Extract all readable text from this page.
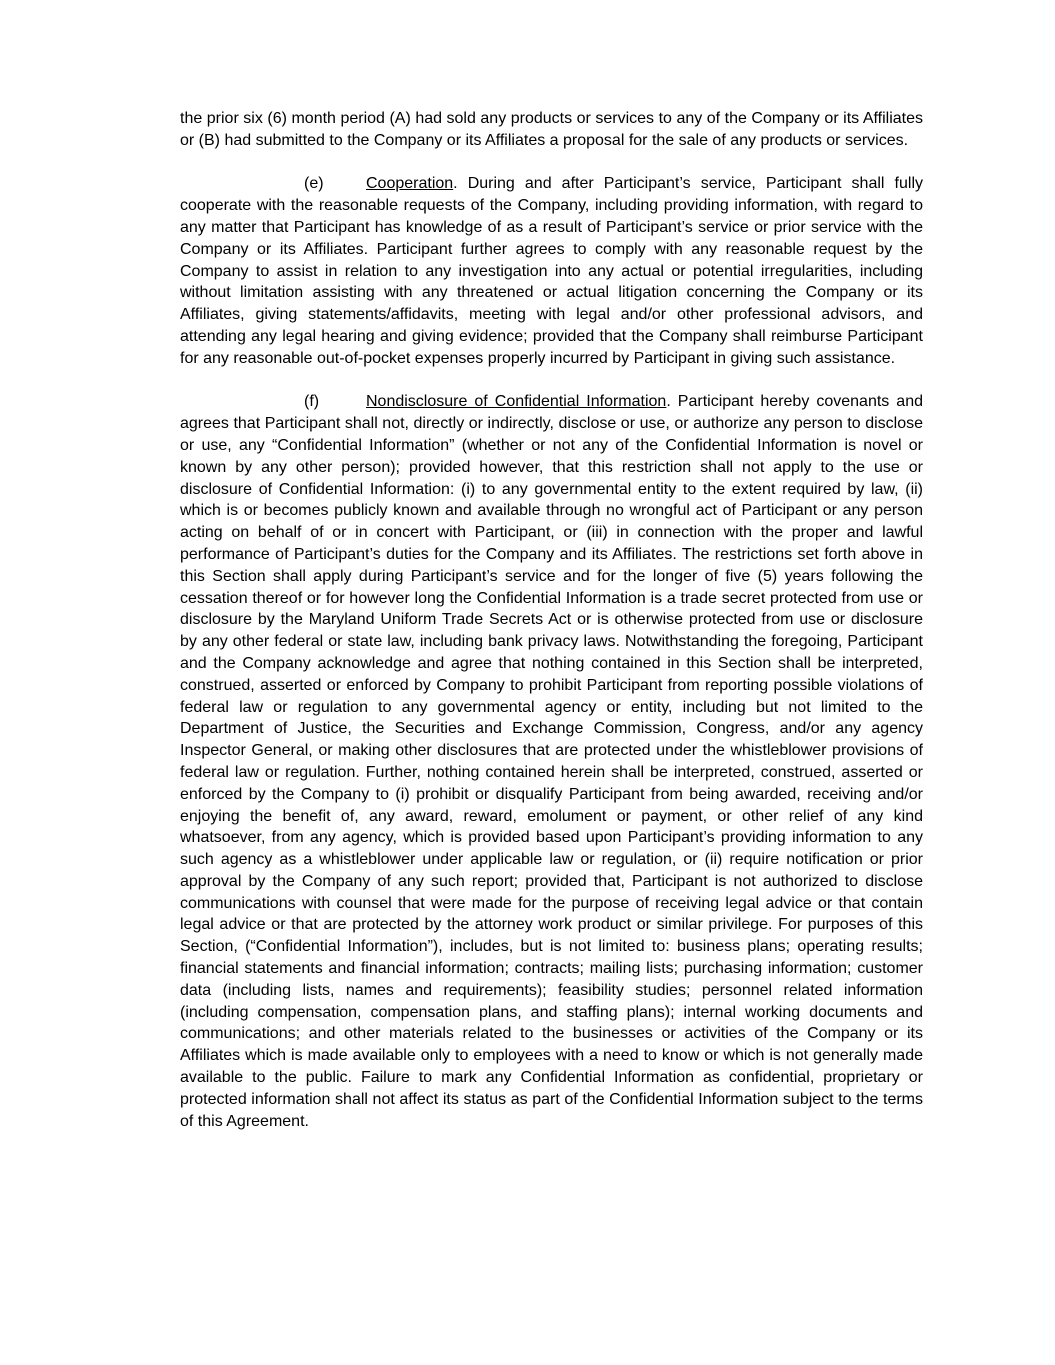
the prior six (6) month period (A) had sold any products or services to any of the Company or its Affiliates or (B) had submitted to the Company or its Affiliates a proposal for the sale of any products or services.

(e)	Cooperation. During and after Participant’s service, Participant shall fully cooperate with the reasonable requests of the Company, including providing information, with regard to any matter that Participant has knowledge of as a result of Participant’s service or prior service with the Company or its Affiliates. Participant further agrees to comply with any reasonable request by the Company to assist in relation to any investigation into any actual or potential irregularities, including without limitation assisting with any threatened or actual litigation concerning the Company or its Affiliates, giving statements/affidavits, meeting with legal and/or other professional advisors, and attending any legal hearing and giving evidence; provided that the Company shall reimburse Participant for any reasonable out-of-pocket expenses properly incurred by Participant in giving such assistance.

(f)	Nondisclosure of Confidential Information. Participant hereby covenants and agrees that Participant shall not, directly or indirectly, disclose or use, or authorize any person to disclose or use, any “Confidential Information” (whether or not any of the Confidential Information is novel or known by any other person); provided however, that this restriction shall not apply to the use or disclosure of Confidential Information: (i) to any governmental entity to the extent required by law, (ii) which is or becomes publicly known and available through no wrongful act of Participant or any person acting on behalf of or in concert with Participant, or (iii) in connection with the proper and lawful performance of Participant’s duties for the Company and its Affiliates. The restrictions set forth above in this Section shall apply during Participant’s service and for the longer of five (5) years following the cessation thereof or for however long the Confidential Information is a trade secret protected from use or disclosure by the Maryland Uniform Trade Secrets Act or is otherwise protected from use or disclosure by any other federal or state law, including bank privacy laws. Notwithstanding the foregoing, Participant and the Company acknowledge and agree that nothing contained in this Section shall be interpreted, construed, asserted or enforced by Company to prohibit Participant from reporting possible violations of federal law or regulation to any governmental agency or entity, including but not limited to the Department of Justice, the Securities and Exchange Commission, Congress, and/or any agency Inspector General, or making other disclosures that are protected under the whistleblower provisions of federal law or regulation. Further, nothing contained herein shall be interpreted, construed, asserted or enforced by the Company to (i) prohibit or disqualify Participant from being awarded, receiving and/or enjoying the benefit of, any award, reward, emolument or payment, or other relief of any kind whatsoever, from any agency, which is provided based upon Participant’s providing information to any such agency as a whistleblower under applicable law or regulation, or (ii) require notification or prior approval by the Company of any such report; provided that, Participant is not authorized to disclose communications with counsel that were made for the purpose of receiving legal advice or that contain legal advice or that are protected by the attorney work product or similar privilege. For purposes of this Section, (“Confidential Information”), includes, but is not limited to: business plans; operating results; financial statements and financial information; contracts; mailing lists; purchasing information; customer data (including lists, names and requirements); feasibility studies; personnel related information (including compensation, compensation plans, and staffing plans); internal working documents and communications; and other materials related to the businesses or activities of the Company or its Affiliates which is made available only to employees with a need to know or which is not generally made available to the public. Failure to mark any Confidential Information as confidential, proprietary or protected information shall not affect its status as part of the Confidential Information subject to the terms of this Agreement.
